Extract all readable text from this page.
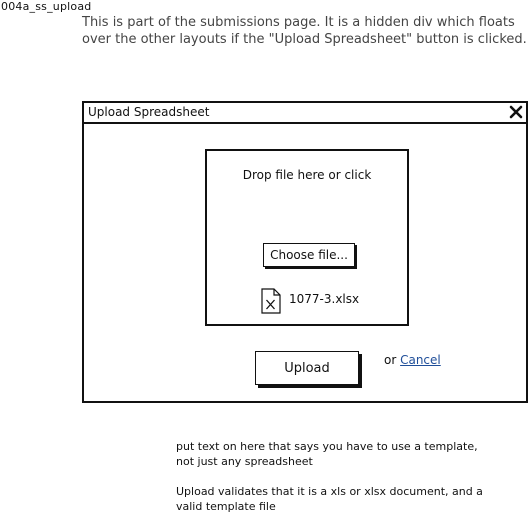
004a_ss_upload
This is part of the submissions page. It is a hidden div which floats over the other layouts if the "Upload Spreadsheet" button is clicked.
Upload Spreadsheet
Drop file here or click
Choose file...
1077-3.xlsx
Upload
or Cancel

put text on here that says you have to use a template, not just any spreadsheet

Upload validates that it is a xls or xlsx document, and a valid template file
